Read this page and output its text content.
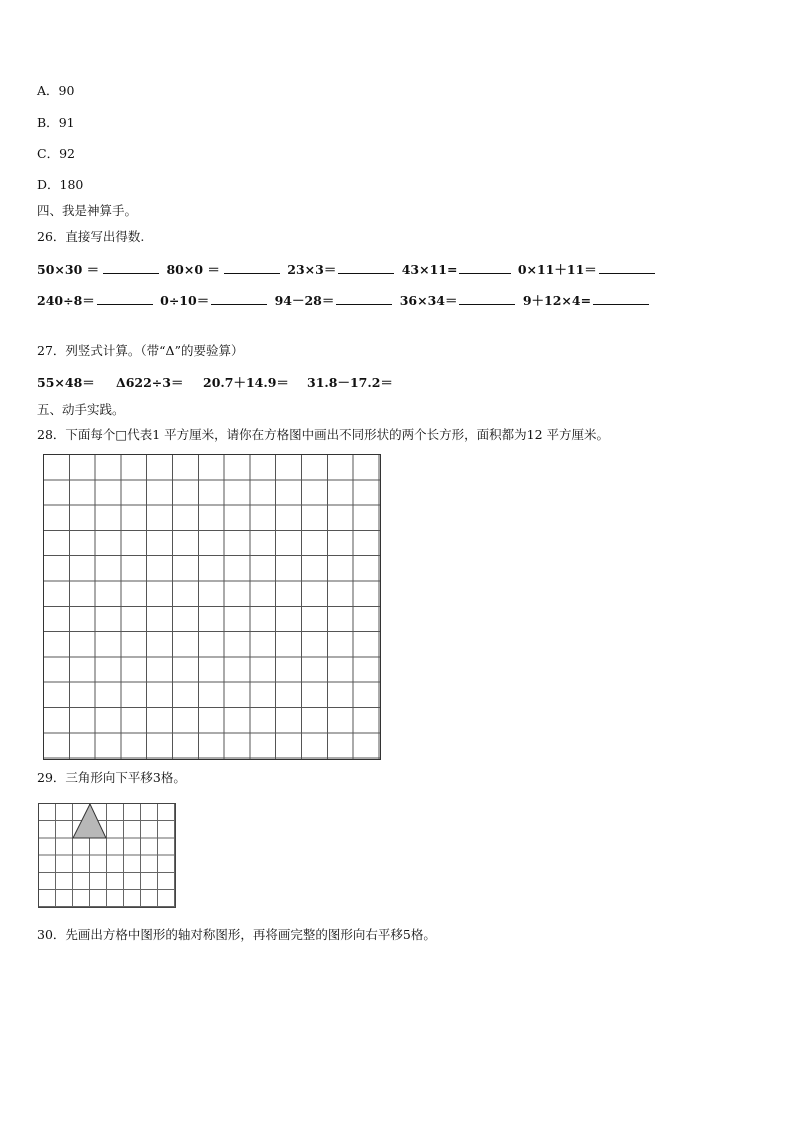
A．90
B．91
C．92
D．180
四、我是神算手。
26．直接写出得数.
50×30 ＝	80×0 ＝	23×3＝	43×11=	0×11＋11＝
240÷8＝	0÷10＝	94－28＝	36×34＝	9＋12×4=
27．列竖式计算。（带“Δ”的要验算）
55×48＝ Δ622÷3＝ 20.7＋14.9＝ 31.8－17.2＝
五、动手实践。
28．下面每个□代表1 平方厘米，请你在方格图中画出不同形状的两个长方形，面积都为12 平方厘米。
29．三角形向下平移3格。
30．先画出方格中图形的轴对称图形，再将画完整的图形向右平移5格。
